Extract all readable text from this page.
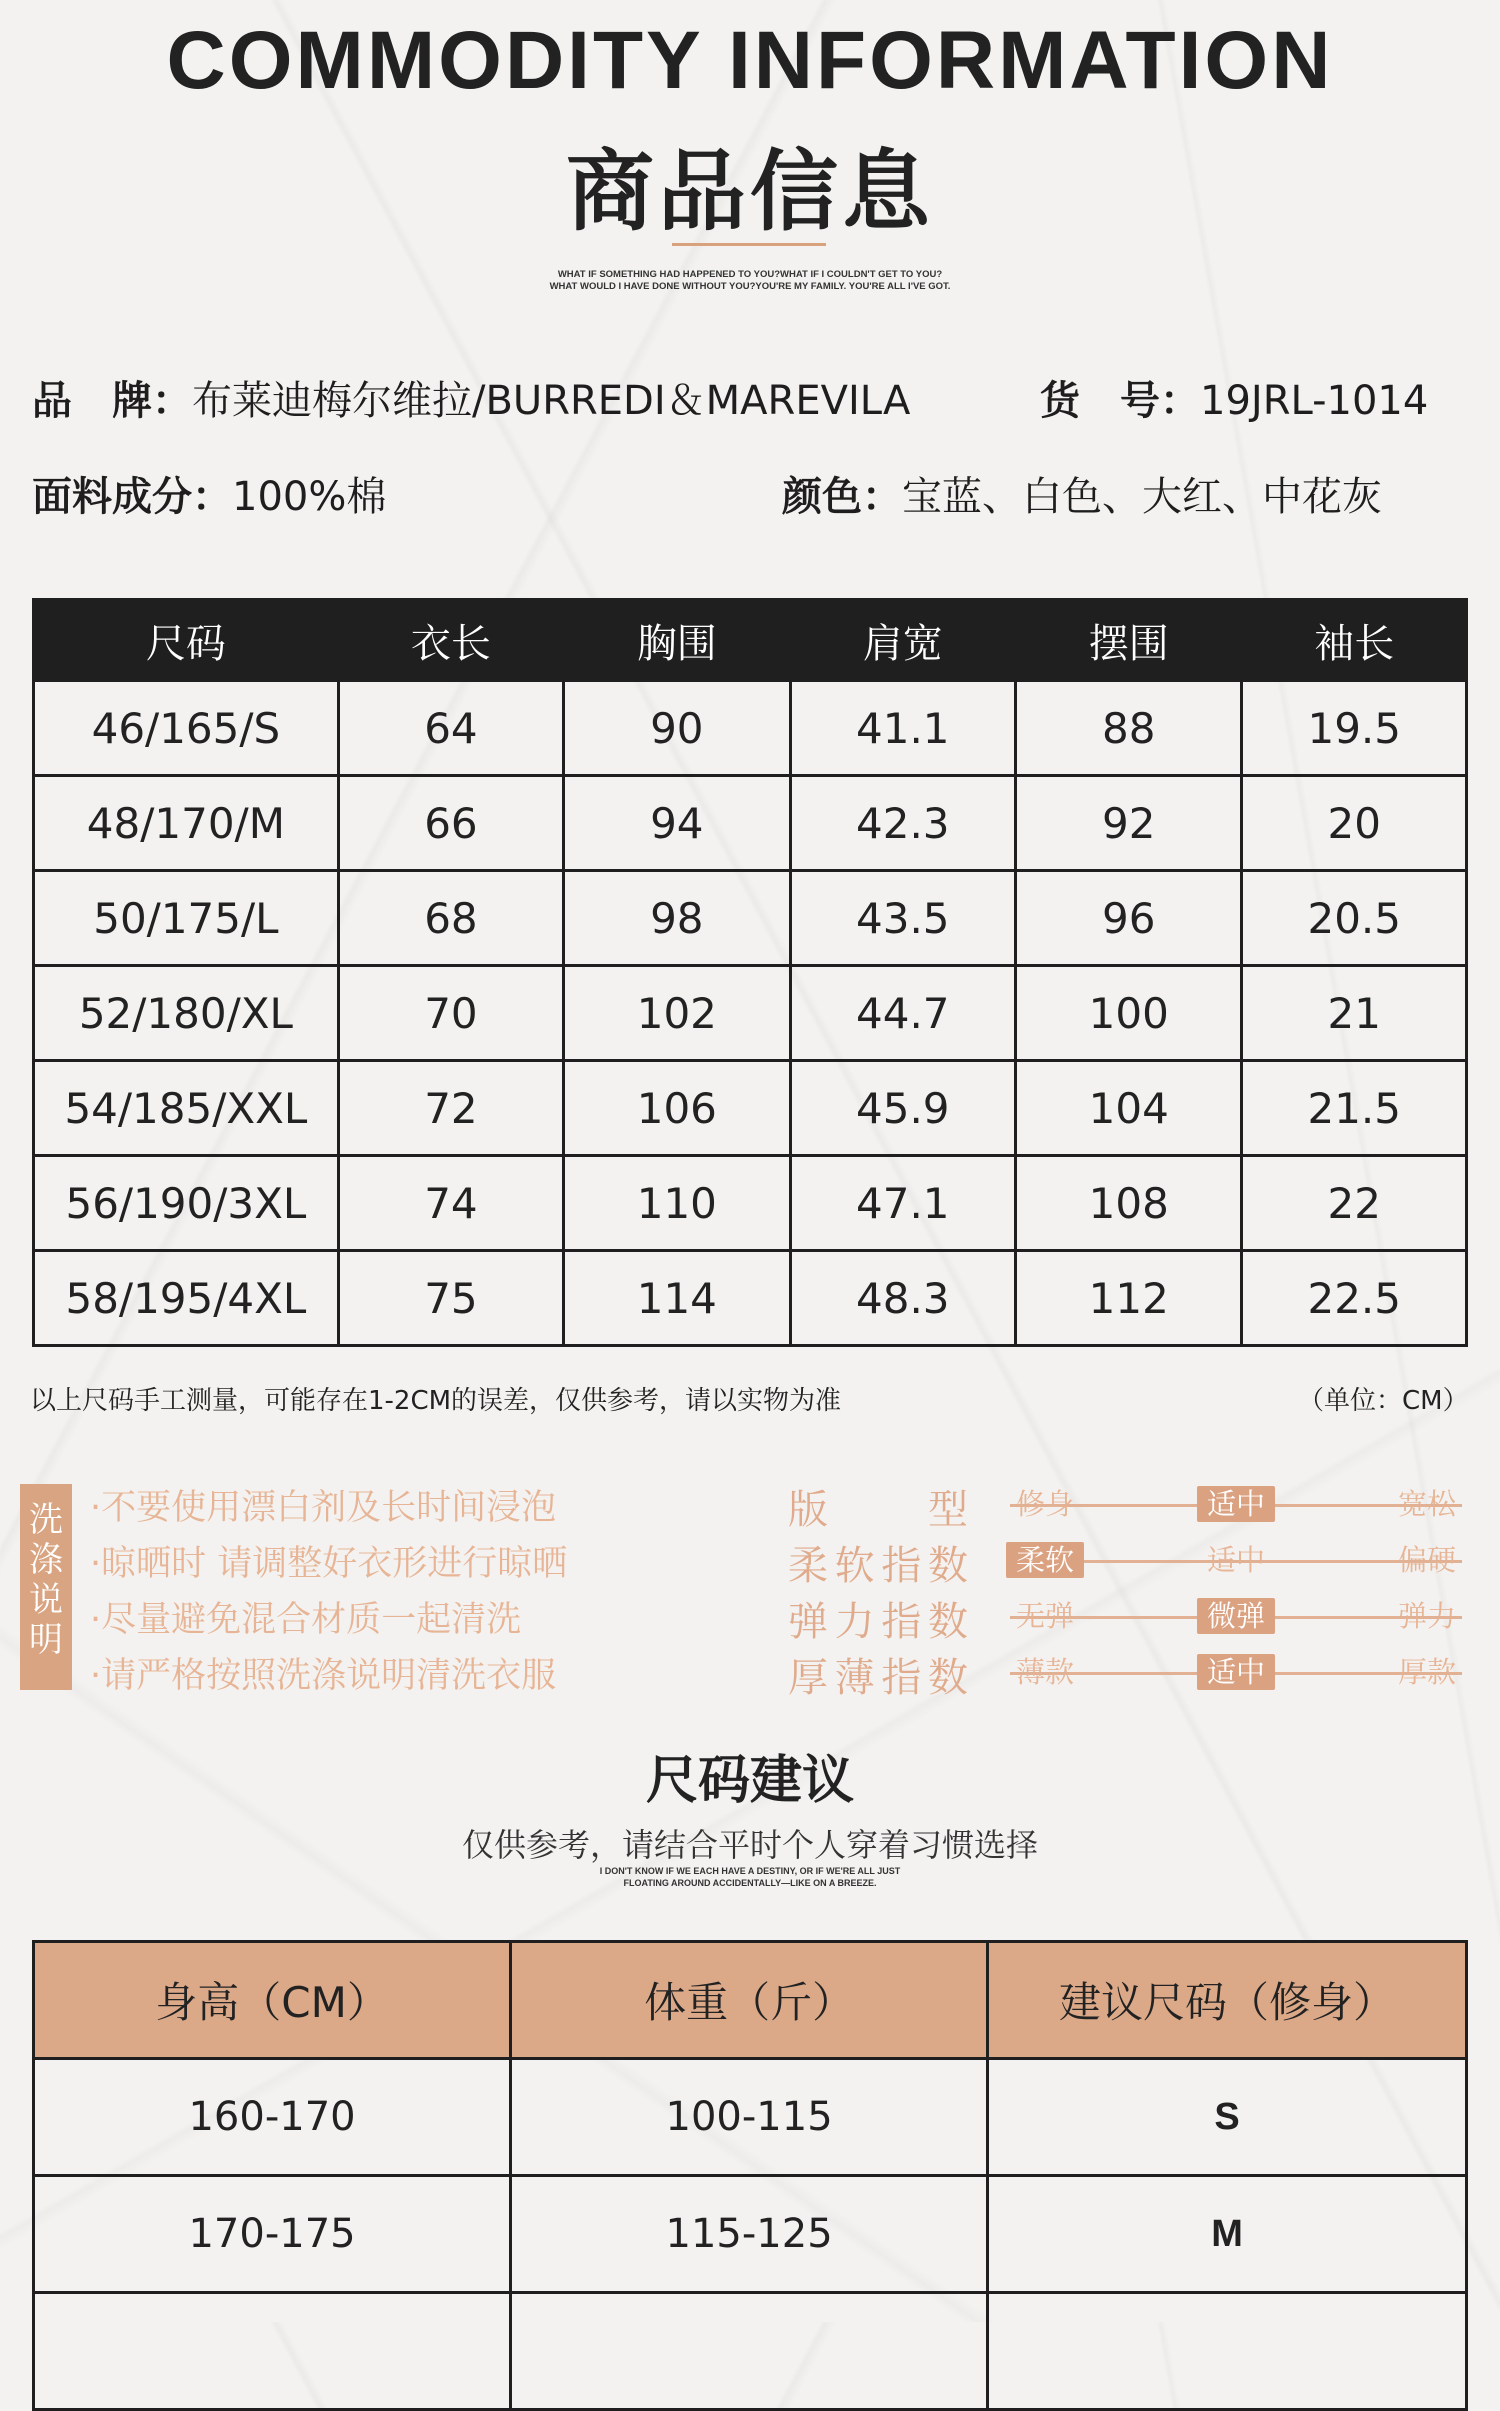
COMMODITY INFORMATION
商品信息
WHAT IF SOMETHING HAD HAPPENED TO YOU?WHAT IF I COULDN'T GET TO YOU?
WHAT WOULD I HAVE DONE WITHOUT YOU?YOU'RE MY FAMILY. YOU'RE ALL I'VE GOT.
品　牌：布莱迪梅尔维拉/BURREDI＆MAREVILA	货　号：19JRL-1014
面料成分：100%棉	颜色：宝蓝、白色、大红、中花灰
尺码	衣长	胸围	肩宽	摆围	袖长
46/165/S	64	90	41.1	88	19.5
48/170/M	66	94	42.3	92	20
50/175/L	68	98	43.5	96	20.5
52/180/XL	70	102	44.7	100	21
54/185/XXL	72	106	45.9	104	21.5
56/190/3XL	74	110	47.1	108	22
58/195/4XL	75	114	48.3	112	22.5
以上尺码手工测量，可能存在1-2CM的误差，仅供参考，请以实物为准	（单位：CM）
洗
涤
说
明
·不要使用漂白剂及长时间浸泡
·晾晒时 请调整好衣形进行晾晒
·尽量避免混合材质一起清洗
·请严格按照洗涤说明清洗衣服
版　型	修身	适中	宽松
柔软指数	柔软	适中	偏硬
弹力指数	无弹	微弹	弹力
厚薄指数	薄款	适中	厚款
尺码建议
仅供参考，请结合平时个人穿着习惯选择
I DON'T KNOW IF WE EACH HAVE A DESTINY, OR IF WE'RE ALL JUST
FLOATING AROUND ACCIDENTALLY—LIKE ON A BREEZE.
身高（CM）	体重（斤）	建议尺码（修身）
160-170	100-115	S
170-175	115-125	M
